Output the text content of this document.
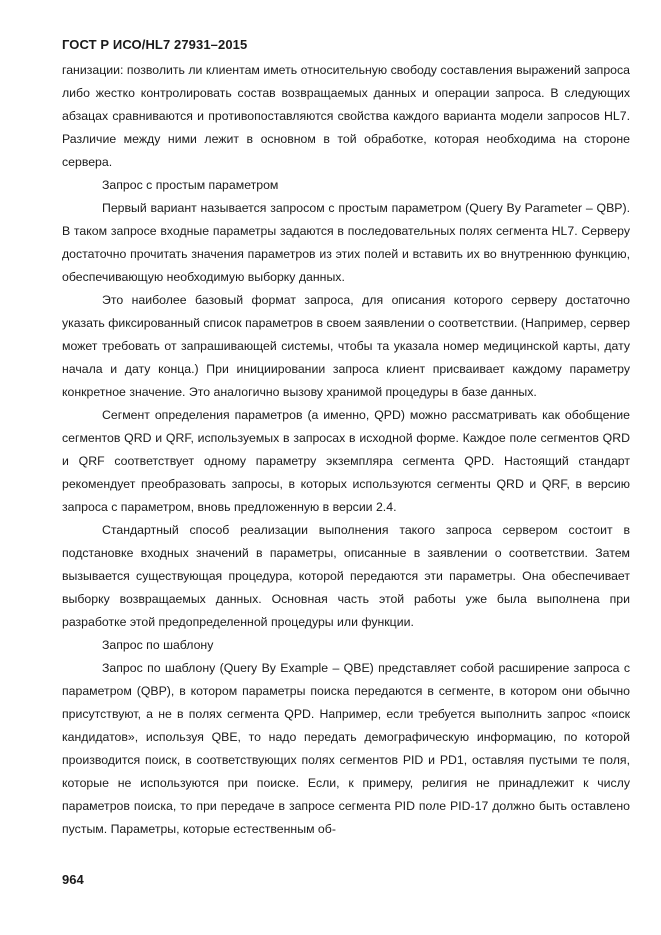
ГОСТ Р ИСО/HL7 27931–2015

ганизации: позволить ли клиентам иметь относительную свободу составления выражений запроса либо жестко контролировать состав возвращаемых данных и операции запроса. В следующих абзацах сравниваются и противопоставляются свойства каждого варианта модели запросов HL7. Различие между ними лежит в основном в той обработке, которая необходима на стороне сервера.

Запрос с простым параметром

Первый вариант называется запросом с простым параметром (Query By Parameter – QBP). В таком запросе входные параметры задаются в последовательных полях сегмента HL7. Серверу достаточно прочитать значения параметров из этих полей и вставить их во внутреннюю функцию, обеспечивающую необходимую выборку данных.

Это наиболее базовый формат запроса, для описания которого серверу достаточно указать фиксированный список параметров в своем заявлении о соответствии. (Например, сервер может требовать от запрашивающей системы, чтобы та указала номер медицинской карты, дату начала и дату конца.) При инициировании запроса клиент присваивает каждому параметру конкретное значение. Это аналогично вызову хранимой процедуры в базе данных.

Сегмент определения параметров (а именно, QPD) можно рассматривать как обобщение сегментов QRD и QRF, используемых в запросах в исходной форме. Каждое поле сегментов QRD и QRF соответствует одному параметру экземпляра сегмента QPD. Настоящий стандарт рекомендует преобразовать запросы, в которых используются сегменты QRD и QRF, в версию запроса с параметром, вновь предложенную в версии 2.4.

Стандартный способ реализации выполнения такого запроса сервером состоит в подстановке входных значений в параметры, описанные в заявлении о соответствии. Затем вызывается существующая процедура, которой передаются эти параметры. Она обеспечивает выборку возвращаемых данных. Основная часть этой работы уже была выполнена при разработке этой предопределенной процедуры или функции.

Запрос по шаблону

Запрос по шаблону (Query By Example – QBE) представляет собой расширение запроса с параметром (QBP), в котором параметры поиска передаются в сегменте, в котором они обычно присутствуют, а не в полях сегмента QPD. Например, если требуется выполнить запрос «поиск кандидатов», используя QBE, то надо передать демографическую информацию, по которой производится поиск, в соответствующих полях сегментов PID и PD1, оставляя пустыми те поля, которые не используются при поиске. Если, к примеру, религия не принадлежит к числу параметров поиска, то при передаче в запросе сегмента PID поле PID-17 должно быть оставлено пустым. Параметры, которые естественным об-

964
